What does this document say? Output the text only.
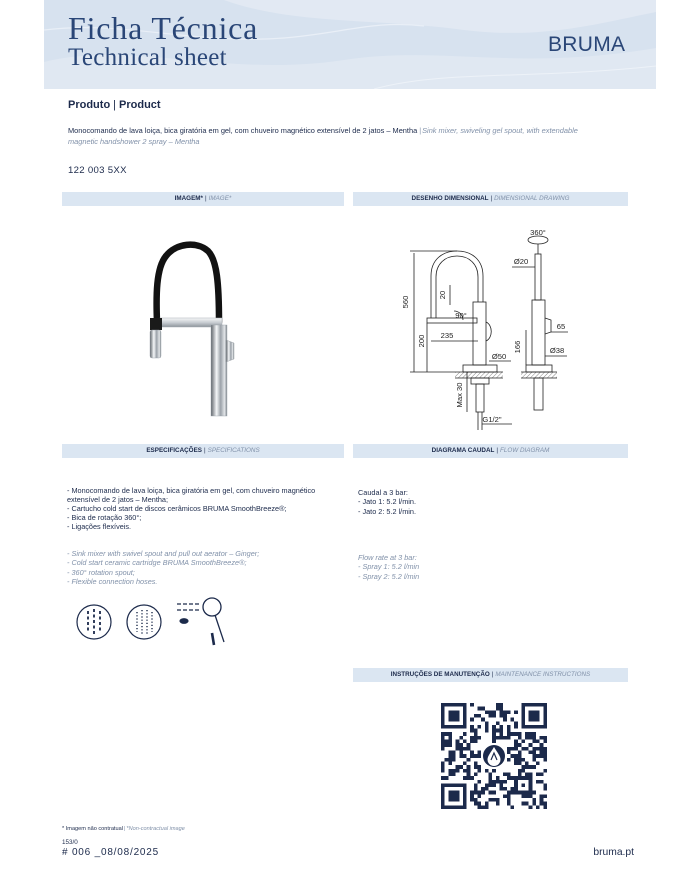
Ficha Técnica
Technical sheet	BRUMA
Produto | Product
Monocomando de lava loiça, bica giratória em gel, com chuveiro magnético extensível de 2 jatos – Mentha |Sink mixer, swiveling gel spout, with extendable magnetic handshower 2 spray – Mentha
122 003 5XX
IMAGEM* | IMAGE*	DESENHO DIMENSIONAL | DIMENSIONAL DRAWING
560
20
90°
235
200
Ø50
Max 30
G1/2"
360°
Ø20
65
166	Ø38
ESPECIFICAÇÕES | SPECIFICATIONS	DIAGRAMA CAUDAL | FLOW DIAGRAM
- Monocomando de lava loiça, bica giratória em gel, com chuveiro magnético extensível de 2 jatos – Mentha;
- Cartucho cold start de discos cerâmicos BRUMA SmoothBreeze®;
- Bica de rotação 360°;
- Ligações flexíveis.
- Sink mixer with swivel spout and pull out aerator – Ginger;
- Cold start ceramic cartridge BRUMA SmoothBreeze®;
- 360° rotation spout;
- Flexible connection hoses.
Caudal a 3 bar:
- Jato 1: 5.2 l/min.
- Jato 2: 5.2 l/min.
Flow rate at 3 bar:
- Spray 1: 5.2 l/min
- Spray 2: 5.2 l/min
INSTRUÇÕES DE MANUTENÇÃO | MAINTENANCE INSTRUCTIONS
* Imagem não contratual|*Non-contractual image
153/0
# 006 _08/08/2025	bruma.pt
